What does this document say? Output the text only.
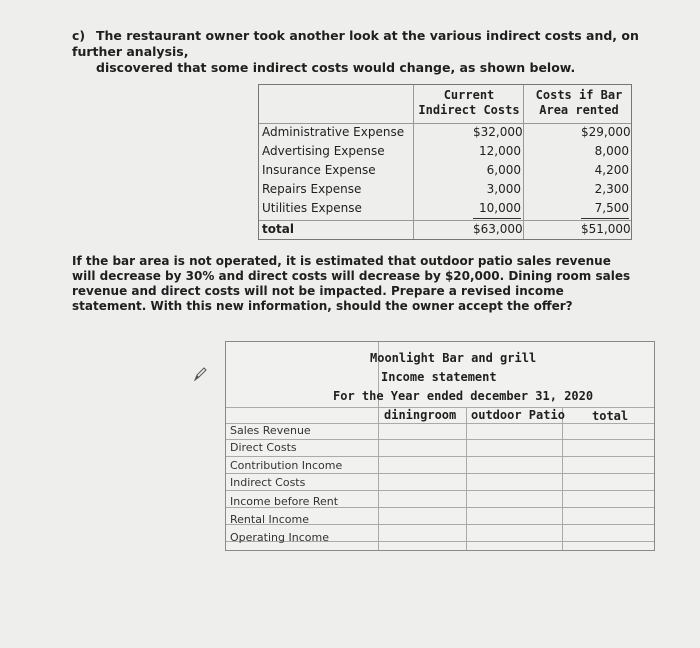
c) The restaurant owner took another look at the various indirect costs and, on further analysis,
discovered that some indirect costs would change, as shown below.
Current Indirect Costs
Costs if Bar Area rented
Administrative Expense	$32,000	$29,000
Advertising Expense	12,000	8,000
Insurance Expense	6,000	4,200
Repairs Expense	3,000	2,300
Utilities Expense	10,000	7,500
total	$63,000	$51,000
If the bar area is not operated, it is estimated that outdoor patio sales revenue will decrease by 30% and direct costs will decrease by $20,000. Dining room sales revenue and direct costs will not be impacted. Prepare a revised income statement. With this new information, should the owner accept the offer?
Moonlight Bar and grill
Income statement
For the Year ended december 31, 2020
diningroom outdoor Patio total
Sales Revenue
Direct Costs
Contribution Income
Indirect Costs
Income before Rent
Rental Income
Operating Income
